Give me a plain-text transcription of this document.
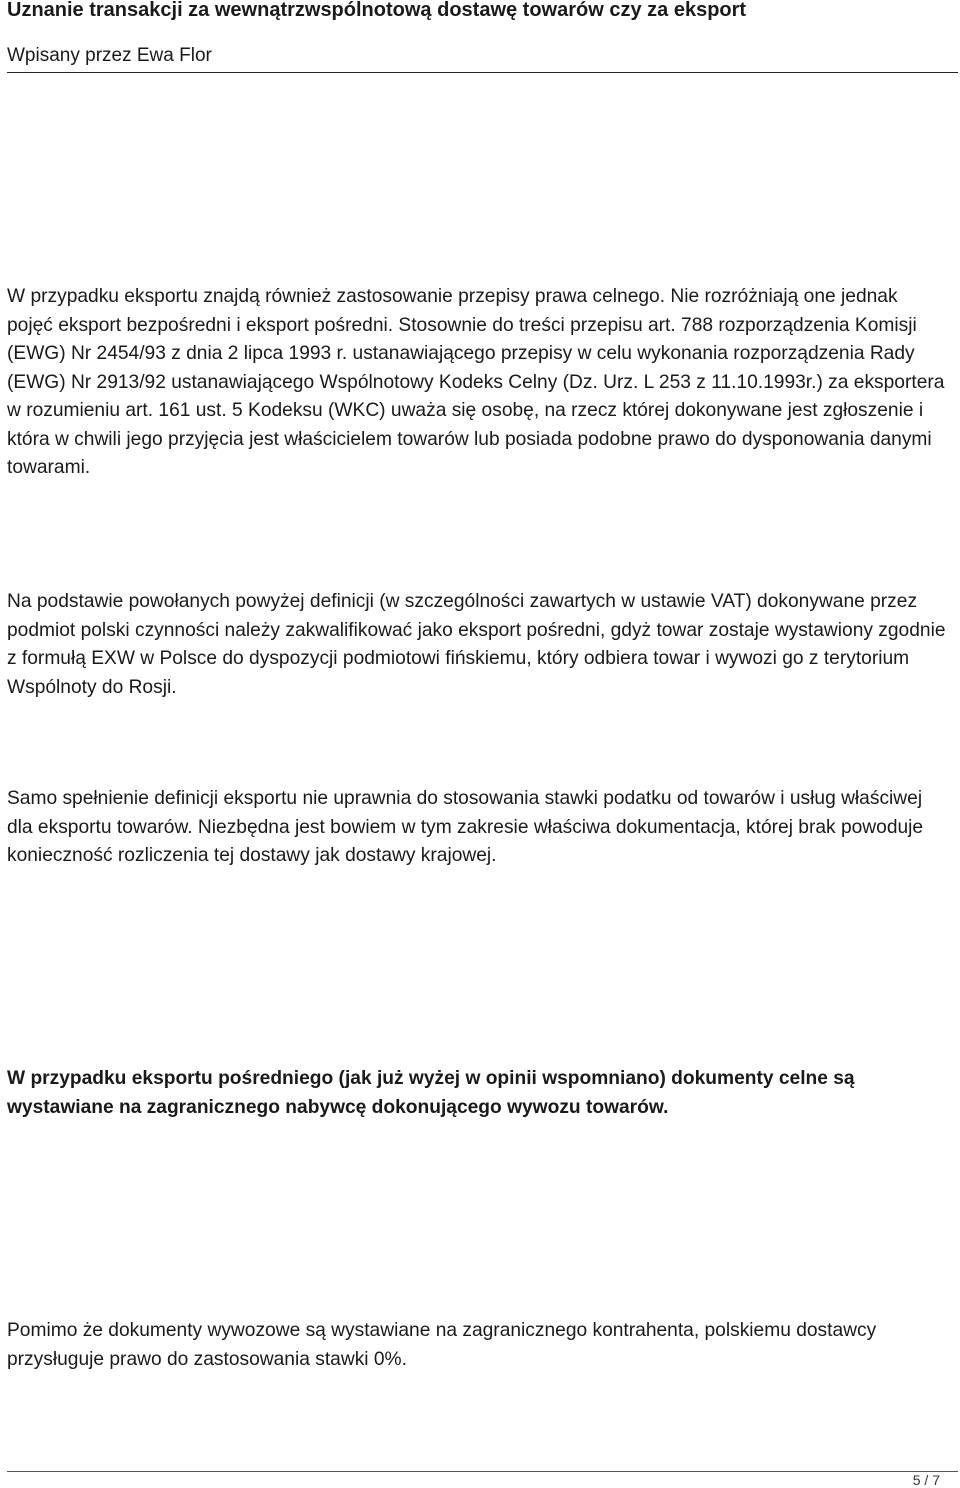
Uznanie transakcji za wewnątrzwspólnotową dostawę towarów czy za eksport
Wpisany przez Ewa Flor

W przypadku eksportu znajdą również zastosowanie przepisy prawa celnego. Nie rozróżniają one jednak pojęć eksport bezpośredni i eksport pośredni. Stosownie do treści przepisu art. 788 rozporządzenia Komisji (EWG) Nr 2454/93 z dnia 2 lipca 1993 r. ustanawiającego przepisy w celu wykonania rozporządzenia Rady (EWG) Nr 2913/92 ustanawiającego Wspólnotowy Kodeks Celny (Dz. Urz. L 253 z 11.10.1993r.) za eksportera w rozumieniu art. 161 ust. 5 Kodeksu (WKC) uważa się osobę, na rzecz której dokonywane jest zgłoszenie i która w chwili jego przyjęcia jest właścicielem towarów lub posiada podobne prawo do dysponowania danymi towarami.

Na podstawie powołanych powyżej definicji (w szczególności zawartych w ustawie VAT) dokonywane przez podmiot polski czynności należy zakwalifikować jako eksport pośredni, gdyż towar zostaje wystawiony zgodnie z formułą EXW w Polsce do dyspozycji podmiotowi fińskiemu, który odbiera towar i wywozi go z terytorium Wspólnoty do Rosji.

Samo spełnienie definicji eksportu nie uprawnia do stosowania stawki podatku od towarów i usług właściwej dla eksportu towarów. Niezbędna jest bowiem w tym zakresie właściwa dokumentacja, której brak powoduje konieczność rozliczenia tej dostawy jak dostawy krajowej.

W przypadku eksportu pośredniego (jak już wyżej w opinii wspomniano) dokumenty celne są wystawiane na zagranicznego nabywcę dokonującego wywozu towarów.

Pomimo że dokumenty wywozowe są wystawiane na zagranicznego kontrahenta, polskiemu dostawcy przysługuje prawo do zastosowania stawki 0%.

5 / 7
